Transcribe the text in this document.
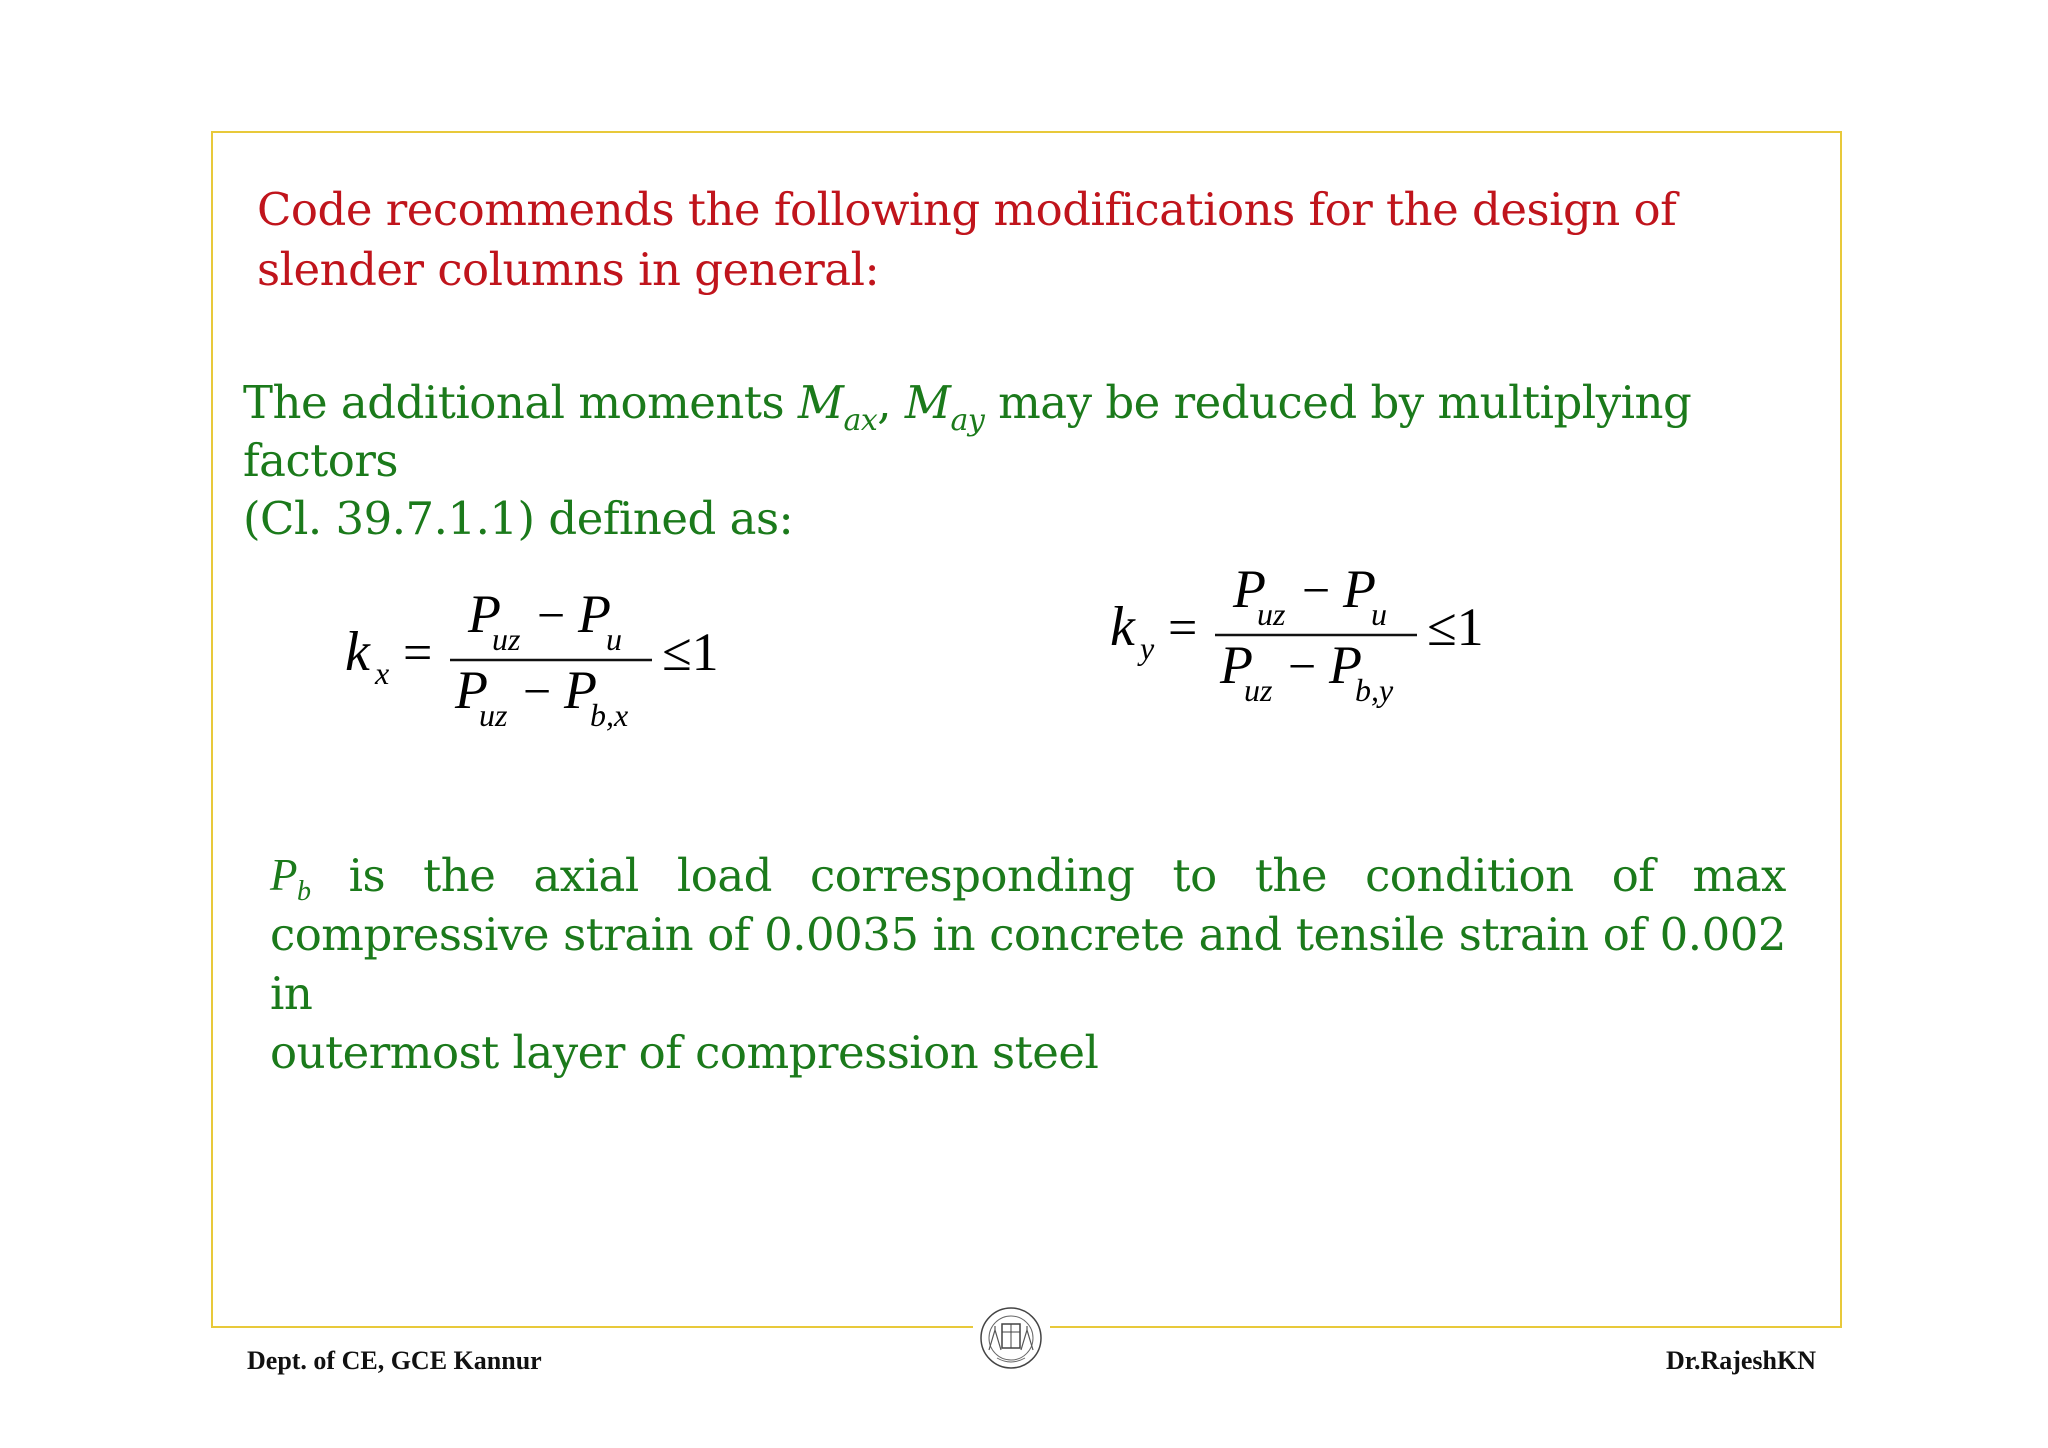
Code recommends the following modifications for the design of
slender columns in general:
The additional moments $M_{ax}$, $M_{ay}$ may be reduced by multiplying factors
(Cl. 39.7.1.1) defined as:
k x =
P
uz − P
u
P
uz − P
b,x
≤1	k y =
P
uz − P
u
P
uz − P
b,y
≤1
$P_b$ is the axial load corresponding to the condition of max
compressive strain of 0.0035 in concrete and tensile strain of 0.002 in
outermost layer of compression steel
Dept. of CE, GCE Kannur	Dr.RajeshKN
